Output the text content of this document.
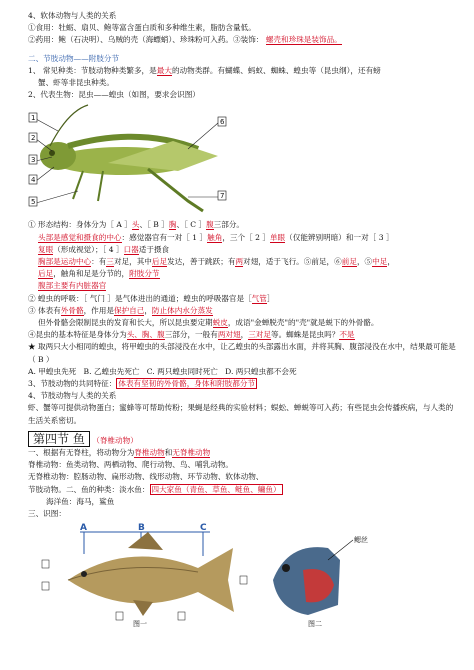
4、软体动物与人类的关系
①食用：牡蛎、扇贝、鲍等富含蛋白质和多种维生素，脂肪含量低。
②药用：鲍（石决明）、乌贼的壳（海螵蛸）、珍珠粉可入药。③装饰： 螺壳和珍珠是装饰品。
二、节肢动物——附肢分节
1、 常见种类：节肢动物种类繁多，是最大的动物类群。有蝴蝶、蚂蚁、蜘蛛、蝗虫等（昆虫纲），还有螃
蟹、虾等非昆虫种类。
2、代表生物：昆虫——蝗虫（如图，要求会识图）
1
2
3
4
5
6
7
① 形态结构：身体分为［ A ］头、［ B ］胸、［ C ］腹三部分。
头部是感觉和摄食的中心：感觉器官有一对［ 1 ］触角，三个［ 2 ］单眼（仅能辨别明暗）和一对［ 3 ］
复眼（形成视觉）；［ 4 ］口器适于摄食
胸部是运动中心：有三对足，其中后足发达，善于跳跃；有两对翅，适于飞行。⑤前足，⑥前足，⑤中足，
后足，触角和足是分节的，附肢分节
腹部主要有内脏器官
② 蝗虫的呼吸：［ 气门 ］是气体进出的通道；蝗虫的呼吸器官是［气管］
③ 体表有外骨骼，作用是保护自己，防止体内水分蒸发
但外骨骼会限制昆虫的发育和长大，所以昆虫要定期蜕皮，成语"金蝉脱壳"的"壳"就是蜕下的外骨骼。
④昆虫的基本特征是身体分为头、胸、腹三部分，一般有两对翅，三对足等。蜘蛛是昆虫吗？不是
★ 取两只大小相同的蝗虫，将甲蝗虫的头部浸没在水中，让乙蝗虫的头部露出水面，并将其胸、腹部浸没在水中，结果最可能是（ B ）
A. 甲蝗虫先死 B. 乙蝗虫先死亡 C. 两只蝗虫同时死亡 D. 两只蝗虫都不会死
3、节肢动物的共同特征： 体表有坚韧的外骨骼，身体和附肢都分节
4、节肢动物与人类的关系
虾、蟹等可提供动物蛋白；蜜蜂等可帮助传粉；果蝇是经典的实验材料；蜈蚣、蝉蜕等可入药；有些昆虫会传播疾病，与人类的生活关系密切。
第四节 鱼 （脊椎动物）
一、根据有无脊柱，将动物分为脊椎动物和无脊椎动物
脊椎动物：鱼类动物、两栖动物、爬行动物、鸟、哺乳动物。
无脊椎动物：腔肠动物、扁形动物、线形动物、环节动物、软体动物、
节肢动物。二、鱼的种类：淡水鱼： 四大家鱼（青鱼、草鱼、鲢鱼、鳙鱼）
海洋鱼：海马，鲨鱼
三、识图：
A	B	C
图一
鳃丝
图二
